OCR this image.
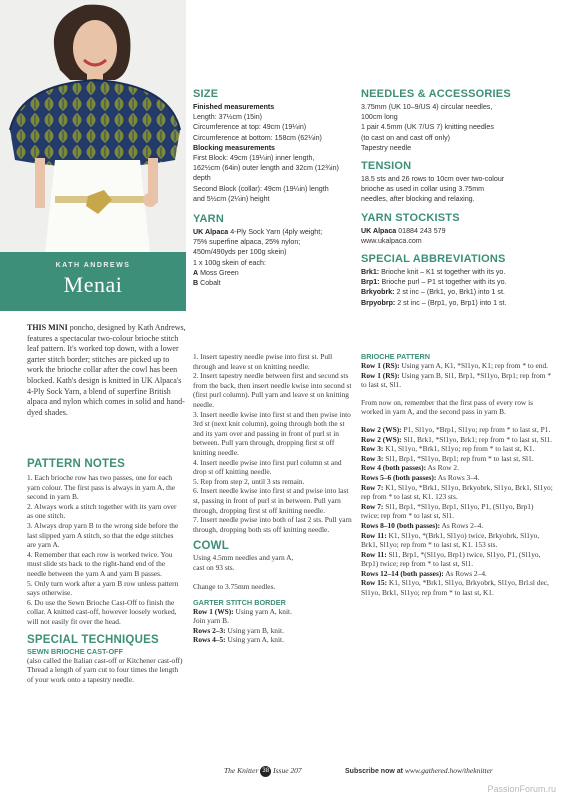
KATH ANDREWS
Menai
THIS MINI poncho, designed by Kath Andrews, features a spectacular two-colour brioche stitch leaf pattern. It's worked top down, with a lower garter stitch border; stitches are picked up to work the brioche collar after the cowl has been blocked. Kath's design is knitted in UK Alpaca's 4-Ply Sock Yarn, a blend of superfine British alpaca and nylon which comes in solid and hand-dyed shades.

SIZE

Finished measurements
Length: 37½cm (15in)
Circumference at top: 49cm (19¼in)
Circumference at bottom: 158cm (62¼in)
Blocking measurements
First Block: 49cm (19¼in) inner length,
162½cm (64in) outer length and 32cm (12¾in)
depth
Second Block (collar): 49cm (19¼in) length
and 5½cm (2¼in) height

YARN

UK Alpaca 4-Ply Sock Yarn (4ply weight;
75% superfine alpaca, 25% nylon;
450m/490yds per 100g skein)
1 x 100g skein of each:
A Moss Green
B Cobalt

NEEDLES & ACCESSORIES

3.75mm (UK 10–9/US 4) circular needles,
100cm long
1 pair 4.5mm (UK 7/US 7) knitting needles
(to cast on and cast off only)
Tapestry needle

TENSION

18.5 sts and 26 rows to 10cm over two-colour
brioche as used in collar using 3.75mm
needles, after blocking and relaxing.

YARN STOCKISTS

UK Alpaca 01884 243 579
www.ukalpaca.com

SPECIAL ABBREVIATIONS

Brk1: Brioche knit – K1 st together with its yo.
Brp1: Brioche purl – P1 st together with its yo.
Brkyobrk: 2 st inc – (Brk1, yo, Brk1) into 1 st.
Brpyobrp: 2 st inc – (Brp1, yo, Brp1) into 1 st.

PATTERN NOTES

1. Each brioche row has two passes, one for each yarn colour. The first pass is always in yarn A, the second in yarn B.
2. Always work a stitch together with its yarn over as one stitch.
3. Always drop yarn B to the wrong side before the last slipped yarn A stitch, so that the edge stitches are yarn A.
4. Remember that each row is worked twice. You must slide sts back to the right-hand end of the needle between the yarn A and yarn B passes.
5. Only turn work after a yarn B row unless pattern says otherwise.
6. Do use the Sewn Brioche Cast-Off to finish the collar. A knitted cast-off, however loosely worked, will not easily fit over the head.

SPECIAL TECHNIQUES

SEWN BRIOCHE CAST-OFF

(also called the Italian cast-off or Kitchener cast-off)
Thread a length of yarn cut to four times the length of your work onto a tapestry needle.
1. Insert tapestry needle pwise into first st. Pull through and leave st on knitting needle.
2. Insert tapestry needle between first and second sts from the back, then insert needle kwise into second st (first purl column). Pull yarn and leave st on knitting needle.
3. Insert needle kwise into first st and then pwise into 3rd st (next knit column), going through both the st and its yarn over and passing in front of purl st in between. Pull yarn through, dropping first st off knitting needle.
4. Insert needle pwise into first purl column st and drop st off knitting needle.
5. Rep from step 2, until 3 sts remain.
6. Insert needle kwise into first st and pwise into last st, passing in front of purl st in between. Pull yarn through, dropping first st off knitting needle.
7. Insert needle pwise into both of last 2 sts. Pull yarn through, dropping both sts off knitting needle.

COWL

Using 4.5mm needles and yarn A,
cast on 93 sts.
Change to 3.75mm needles.

GARTER STITCH BORDER

Row 1 (WS): Using yarn A, knit.
Join yarn B.
Rows 2–3: Using yarn B, knit.
Rows 4–5: Using yarn A, knit.

BRIOCHE PATTERN

Row 1 (RS): Using yarn A, K1, *Sl1yo, K1; rep from * to end.
Row 1 (RS): Using yarn B, Sl1, Brp1, *Sl1yo, Brp1; rep from * to last st, Sl1.
From now on, remember that the first pass of every row is worked in yarn A, and the second pass in yarn B.
Row 2 (WS): P1, Sl1yo, *Brp1, Sl1yo; rep from * to last st, P1.
Row 2 (WS): Sl1, Brk1, *Sl1yo, Brk1; rep from * to last st, Sl1.
Row 3: K1, Sl1yo, *Brk1, Sl1yo; rep from * to last st, K1.
Row 3: Sl1, Brp1, *Sl1yo, Brp1; rep from * to last st, Sl1.
Row 4 (both passes): As Row 2.
Rows 5–6 (both passes): As Rows 3–4.
Row 7: K1, Sl1yo, *Brk1, Sl1yo, Brkyobrk, Sl1yo, Brk1, Sl1yo; rep from * to last st, K1. 123 sts.
Row 7: Sl1, Brp1, *Sl1yo, Brp1, Sl1yo, P1, (Sl1yo, Brp1) twice; rep from * to last st, Sl1.
Rows 8–10 (both passes): As Rows 2–4.
Row 11: K1, Sl1yo, *(Brk1, Sl1yo) twice, Brkyobrk, Sl1yo, Brk1, Sl1yo; rep from * to last st, K1. 153 sts.
Row 11: Sl1, Brp1, *(Sl1yo, Brp1) twice, Sl1yo, P1, (Sl1yo, Brp1) twice; rep from * to last st, Sl1.
Rows 12–14 (both passes): As Rows 2–4.
Row 15: K1, Sl1yo, *Brk1, Sl1yo, Brkyobrk, Sl1yo, Brl.sl dec, Sl1yo, Brk1, Sl1yo; rep from * to last st, K1.
The Knitter 38 Issue 207	Subscribe now at www.gathered.how/theknitter
PassionForum.ru
